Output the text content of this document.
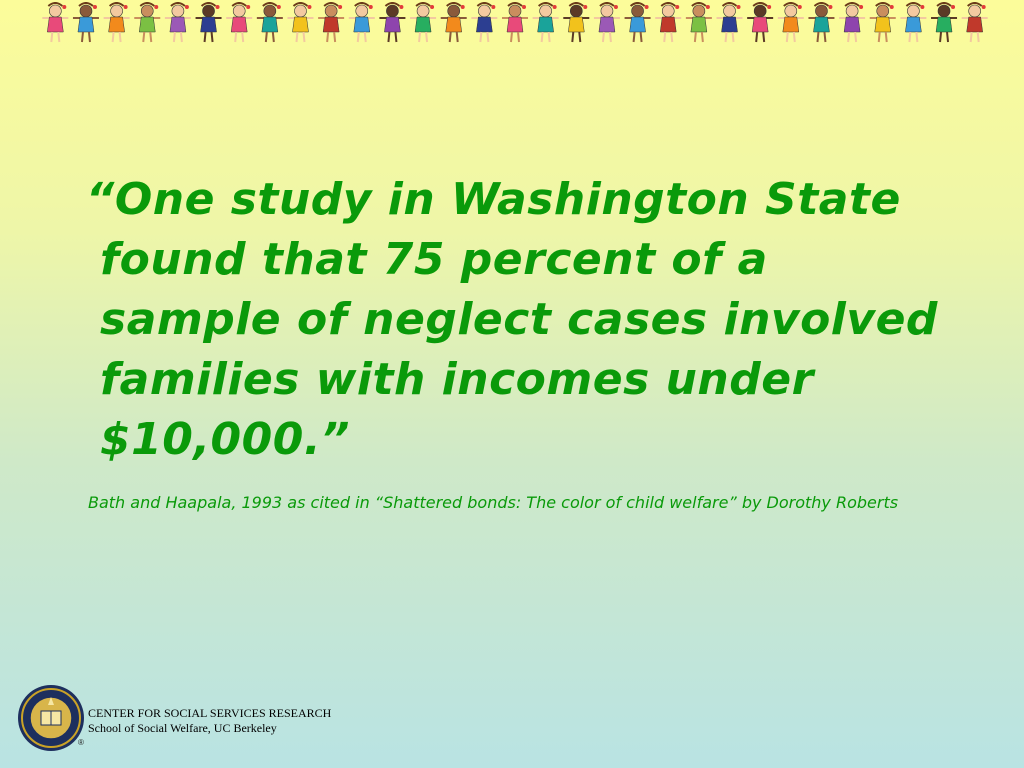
“One study in Washington State found that 75 percent of a sample of neglect cases involved families with incomes under $10,000.”

Bath and Haapala, 1993 as cited in “Shattered bonds: The color of child welfare” by Dorothy Roberts

CENTER FOR SOCIAL SERVICES RESEARCH
School of Social Welfare, UC Berkeley
®
